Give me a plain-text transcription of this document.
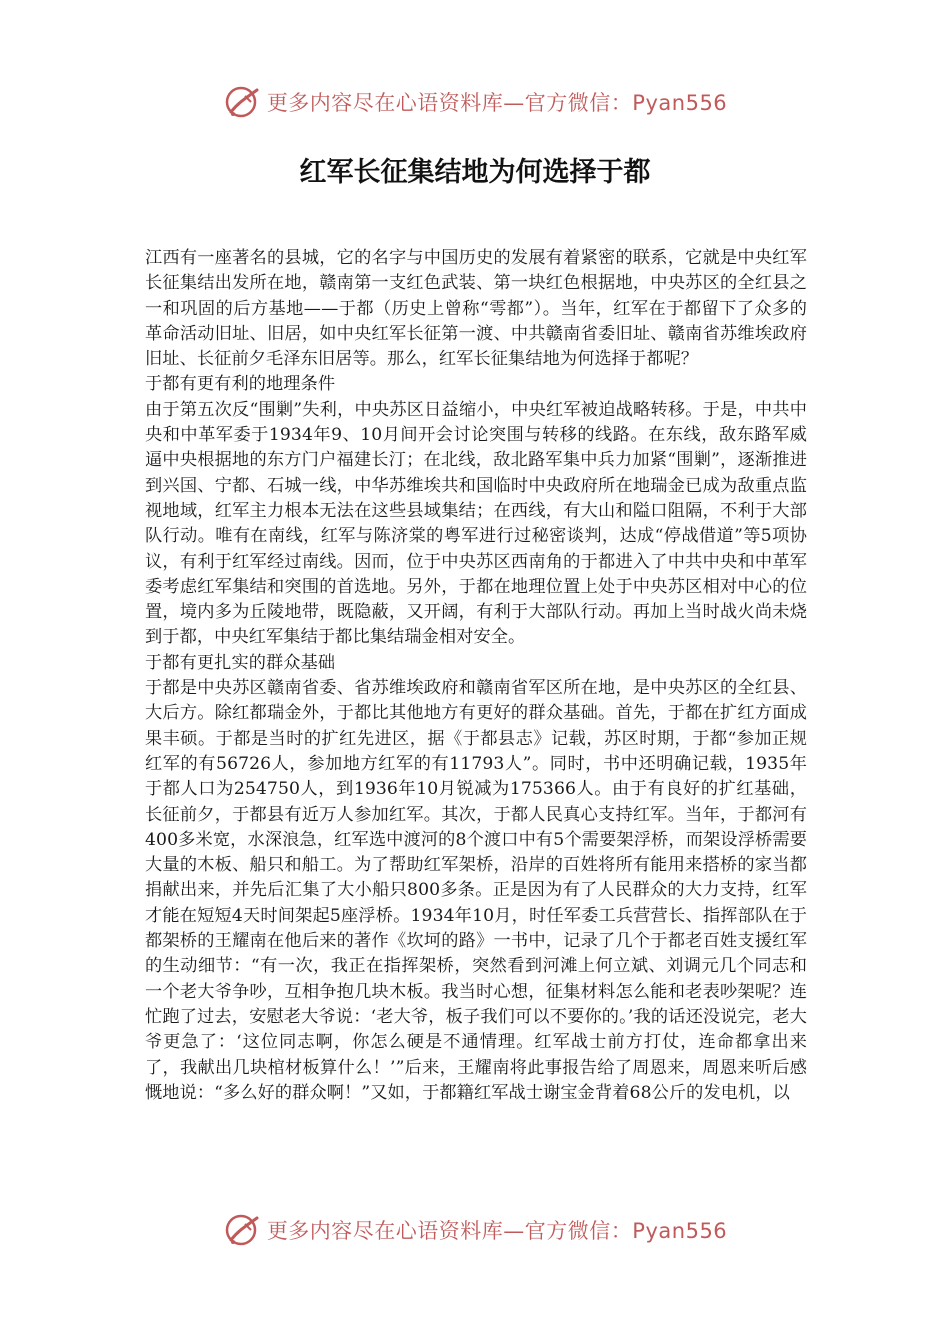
更多内容尽在心语资料库—官方微信：Pyan556
红军长征集结地为何选择于都

江西有一座著名的县城，它的名字与中国历史的发展有着紧密的联系，它就是中央红军长征集结出发所在地，赣南第一支红色武装、第一块红色根据地，中央苏区的全红县之一和巩固的后方基地——于都（历史上曾称“雩都”）。当年，红军在于都留下了众多的革命活动旧址、旧居，如中央红军长征第一渡、中共赣南省委旧址、赣南省苏维埃政府旧址、长征前夕毛泽东旧居等。那么，红军长征集结地为何选择于都呢？

于都有更有利的地理条件

由于第五次反“围剿”失利，中央苏区日益缩小，中央红军被迫战略转移。于是，中共中央和中革军委于1934年9、10月间开会讨论突围与转移的线路。在东线，敌东路军威逼中央根据地的东方门户福建长汀；在北线，敌北路军集中兵力加紧“围剿”，逐渐推进到兴国、宁都、石城一线，中华苏维埃共和国临时中央政府所在地瑞金已成为敌重点监视地域，红军主力根本无法在这些县域集结；在西线，有大山和隘口阻隔，不利于大部队行动。唯有在南线，红军与陈济棠的粤军进行过秘密谈判，达成“停战借道”等5项协议，有利于红军经过南线。因而，位于中央苏区西南角的于都进入了中共中央和中革军委考虑红军集结和突围的首选地。另外，于都在地理位置上处于中央苏区相对中心的位置，境内多为丘陵地带，既隐蔽，又开阔，有利于大部队行动。再加上当时战火尚未烧到于都，中央红军集结于都比集结瑞金相对安全。

于都有更扎实的群众基础

于都是中央苏区赣南省委、省苏维埃政府和赣南省军区所在地，是中央苏区的全红县、大后方。除红都瑞金外，于都比其他地方有更好的群众基础。首先，于都在扩红方面成果丰硕。于都是当时的扩红先进区，据《于都县志》记载，苏区时期，于都“参加正规红军的有56726人，参加地方红军的有11793人”。同时，书中还明确记载，1935年于都人口为254750人，到1936年10月锐减为175366人。由于有良好的扩红基础，长征前夕，于都县有近万人参加红军。其次，于都人民真心支持红军。当年，于都河有400多米宽，水深浪急，红军选中渡河的8个渡口中有5个需要架浮桥，而架设浮桥需要大量的木板、船只和船工。为了帮助红军架桥，沿岸的百姓将所有能用来搭桥的家当都捐献出来，并先后汇集了大小船只800多条。正是因为有了人民群众的大力支持，红军才能在短短4天时间架起5座浮桥。1934年10月，时任军委工兵营营长、指挥部队在于都架桥的王耀南在他后来的著作《坎坷的路》一书中，记录了几个于都老百姓支援红军的生动细节：“有一次，我正在指挥架桥，突然看到河滩上何立斌、刘调元几个同志和一个老大爷争吵，互相争抱几块木板。我当时心想，征集材料怎么能和老表吵架呢？连忙跑了过去，安慰老大爷说：‘老大爷，板子我们可以不要你的。’我的话还没说完，老大爷更急了：‘这位同志啊，你怎么硬是不通情理。红军战士前方打仗，连命都拿出来了，我献出几块棺材板算什么！’”后来，王耀南将此事报告给了周恩来，周恩来听后感慨地说：“多么好的群众啊！”又如，于都籍红军战士谢宝金背着68公斤的发电机，以

更多内容尽在心语资料库—官方微信：Pyan556
